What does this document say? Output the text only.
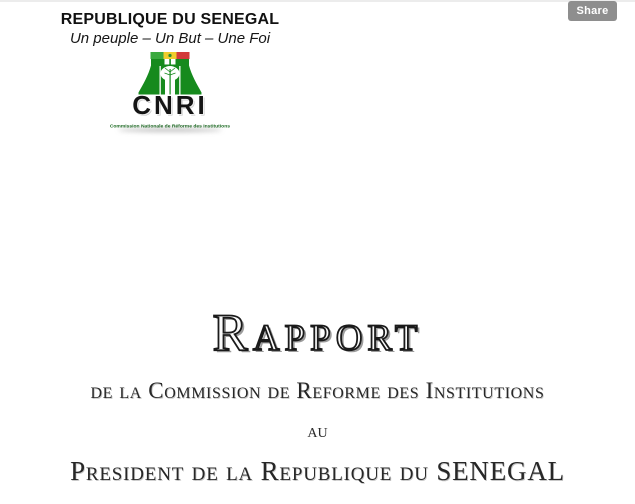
Share
REPUBLIQUE DU SENEGAL
Un peuple – Un But – Une Foi
CNRI
Commission Nationale de Réforme des Institutions
Rapport
de la Commission de Reforme des Institutions
au
President de la Republique du SENEGAL
